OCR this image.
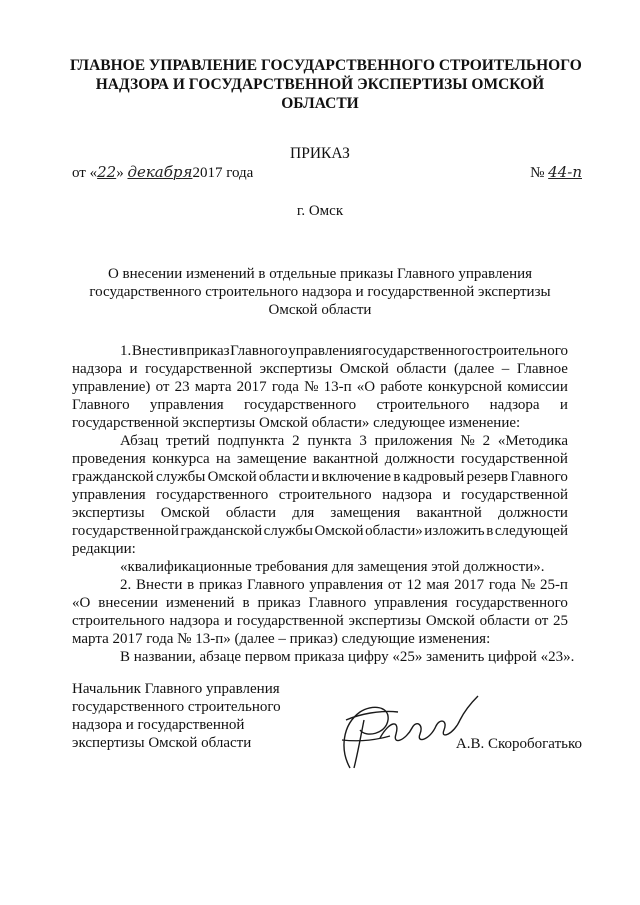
ГЛАВНОЕ УПРАВЛЕНИЕ ГОСУДАРСТВЕННОГО СТРОИТЕЛЬНОГО
НАДЗОРА И ГОСУДАРСТВЕННОЙ ЭКСПЕРТИЗЫ ОМСКОЙ
ОБЛАСТИ
ПРИКАЗ
от «22» декабря2017 года	№ 44-п
г. Омск
О внесении изменений в отдельные приказы Главного управления
государственного строительного надзора и государственной экспертизы
Омской области
1. Внести в приказ Главного управления государственного строительного
надзора и государственной экспертизы Омской области (далее – Главное
управление) от 23 марта 2017 года № 13-п «О работе конкурсной комиссии
Главного управления государственного строительного надзора и
государственной экспертизы Омской области» следующее изменение:
Абзац третий подпункта 2 пункта 3 приложения № 2 «Методика
проведения конкурса на замещение вакантной должности государственной
гражданской службы Омской области и включение в кадровый резерв Главного
управления государственного строительного надзора и государственной
экспертизы Омской области для замещения вакантной должности
государственной гражданской службы Омской области» изложить в следующей
редакции:
«квалификационные требования для замещения этой должности».
2. Внести в приказ Главного управления от 12 мая 2017 года № 25-п
«О внесении изменений в приказ Главного управления государственного
строительного надзора и государственной экспертизы Омской области от 25
марта 2017 года № 13-п» (далее – приказ) следующие изменения:
В названии, абзаце первом приказа цифру «25» заменить цифрой «23».
Начальник Главного управления
государственного строительного
надзора и государственной
экспертизы Омской области	А.В. Скоробогатько
